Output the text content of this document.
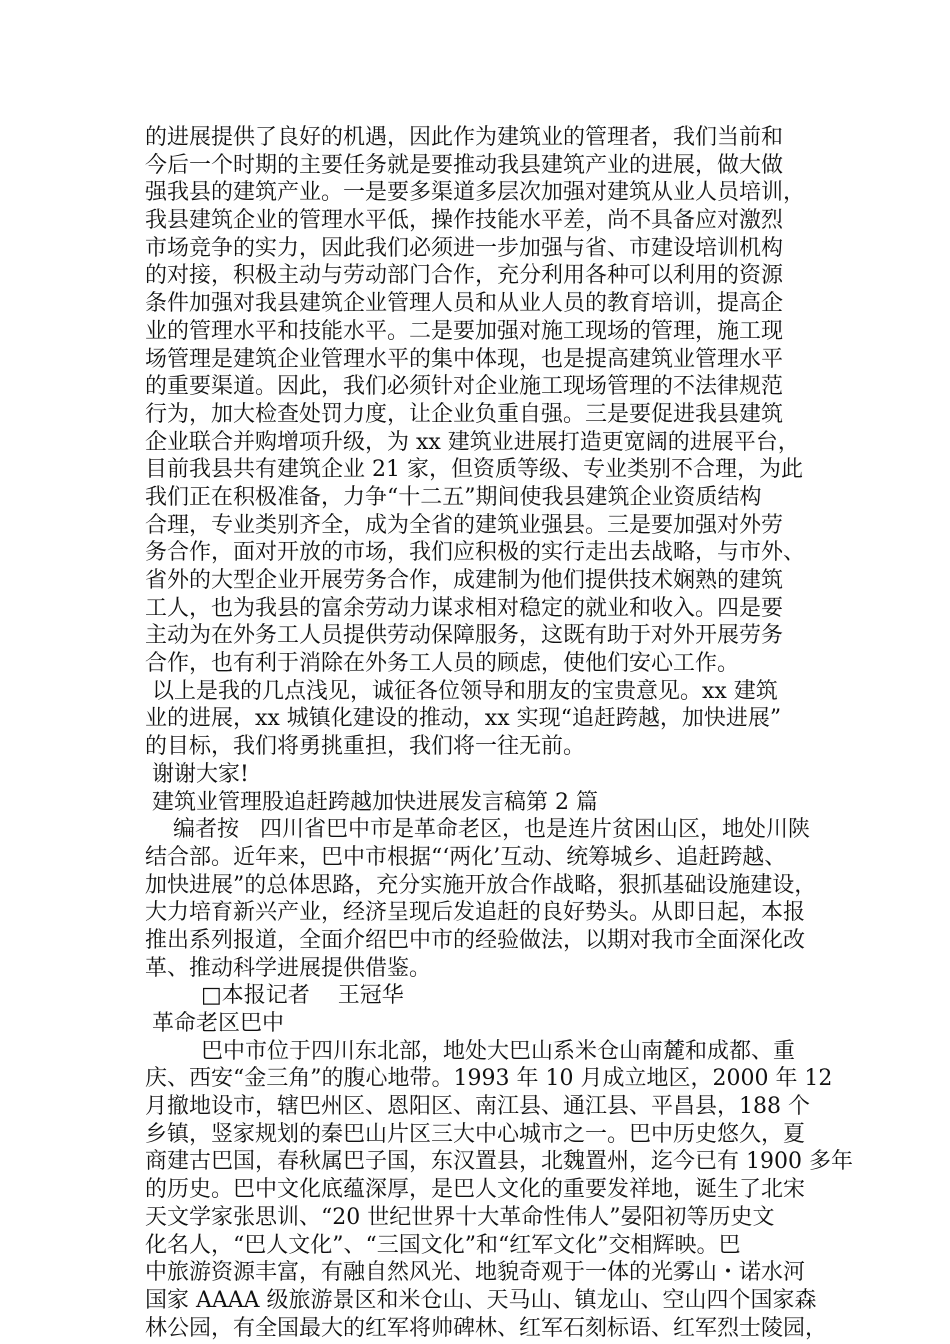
的进展提供了良好的机遇，因此作为建筑业的管理者，我们当前和
今后一个时期的主要任务就是要推动我县建筑产业的进展，做大做
强我县的建筑产业。一是要多渠道多层次加强对建筑从业人员培训，
我县建筑企业的管理水平低，操作技能水平差，尚不具备应对激烈
市场竞争的实力，因此我们必须进一步加强与省、市建设培训机构
的对接，积极主动与劳动部门合作，充分利用各种可以利用的资源
条件加强对我县建筑企业管理人员和从业人员的教育培训，提高企
业的管理水平和技能水平。二是要加强对施工现场的管理，施工现
场管理是建筑企业管理水平的集中体现，也是提高建筑业管理水平
的重要渠道。因此，我们必须针对企业施工现场管理的不法律规范
行为，加大检查处罚力度，让企业负重自强。三是要促进我县建筑
企业联合并购增项升级，为 xx 建筑业进展打造更宽阔的进展平台，
目前我县共有建筑企业 21 家，但资质等级、专业类别不合理，为此
我们正在积极准备，力争“十二五”期间使我县建筑企业资质结构
合理，专业类别齐全，成为全省的建筑业强县。三是要加强对外劳
务合作，面对开放的市场，我们应积极的实行走出去战略，与市外、
省外的大型企业开展劳务合作，成建制为他们提供技术娴熟的建筑
工人，也为我县的富余劳动力谋求相对稳定的就业和收入。四是要
主动为在外务工人员提供劳动保障服务，这既有助于对外开展劳务
合作，也有利于消除在外务工人员的顾虑，使他们安心工作。
以上是我的几点浅见，诚征各位领导和朋友的宝贵意见。xx 建筑
业的进展，xx 城镇化建设的推动，xx 实现“追赶跨越，加快进展”
的目标，我们将勇挑重担，我们将一往无前。
谢谢大家!
建筑业管理股追赶跨越加快进展发言稿第 2 篇
编者按   四川省巴中市是革命老区，也是连片贫困山区，地处川陕
结合部。近年来，巴中市根据“‘两化’互动、统筹城乡、追赶跨越、
加快进展”的总体思路，充分实施开放合作战略，狠抓基础设施建设，
大力培育新兴产业，经济呈现后发追赶的良好势头。从即日起，本报
推出系列报道，全面介绍巴中市的经验做法，以期对我市全面深化改
革、推动科学进展提供借鉴。
□本报记者    王冠华
革命老区巴中
巴中市位于四川东北部，地处大巴山系米仓山南麓和成都、重
庆、西安“金三角”的腹心地带。1993 年 10 月成立地区，2000 年 12
月撤地设市，辖巴州区、恩阳区、南江县、通江县、平昌县，188 个
乡镇，竖家规划的秦巴山片区三大中心城市之一。巴中历史悠久，夏
商建古巴国，春秋属巴子国，东汉置县，北魏置州，迄今已有 1900 多年
的历史。巴中文化底蕴深厚，是巴人文化的重要发祥地，诞生了北宋
天文学家张思训、“20 世纪世界十大革命性伟人”晏阳初等历史文
化名人，“巴人文化”、“三国文化”和“红军文化”交相辉映。巴
中旅游资源丰富，有融自然风光、地貌奇观于一体的光雾山・诺水河
国家 AAAA 级旅游景区和米仓山、天马山、镇龙山、空山四个国家森
林公园，有全国最大的红军将帅碑林、红军石刻标语、红军烈士陵园，
